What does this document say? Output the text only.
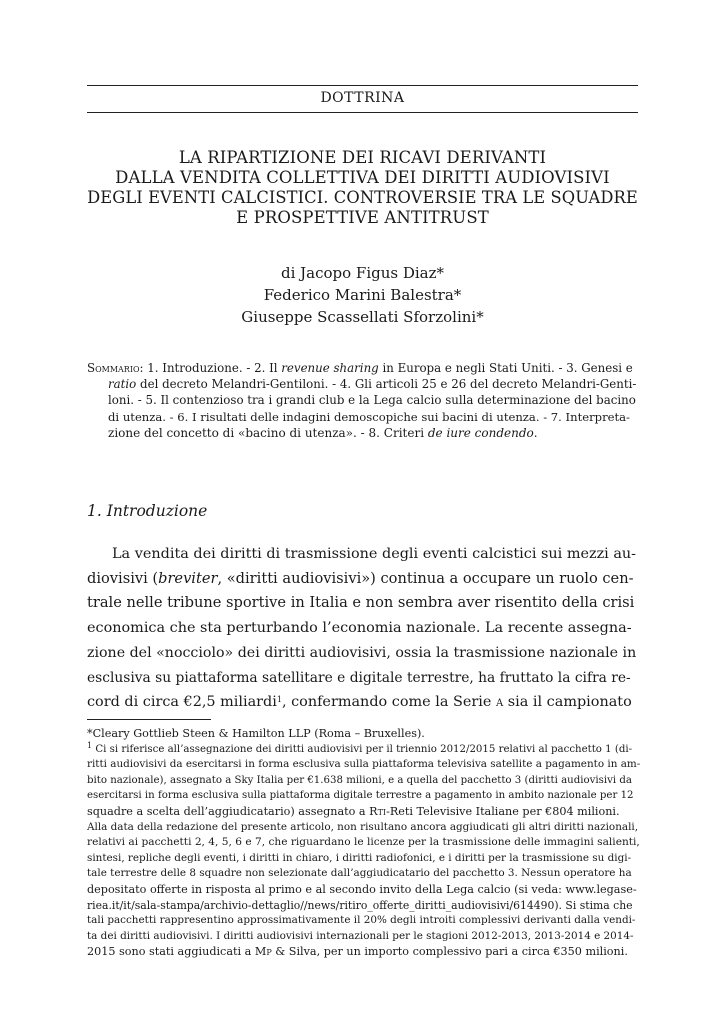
DOTTRINA
LA RIPARTIZIONE DEI RICAVI DERIVANTI
DALLA VENDITA COLLETTIVA DEI DIRITTI AUDIOVISIVI
DEGLI EVENTI CALCISTICI. CONTROVERSIE TRA LE SQUADRE
E PROSPETTIVE ANTITRUST
di Jacopo Figus Diaz*
Federico Marini Balestra*
Giuseppe Scassellati Sforzolini*
Sommario: 1. Introduzione. - 2. Il revenue sharing in Europa e negli Stati Uniti. - 3. Genesi e
ratio del decreto Melandri-Gentiloni. - 4. Gli articoli 25 e 26 del decreto Melandri-Genti-
loni. - 5. Il contenzioso tra i grandi club e la Lega calcio sulla determinazione del bacino
di utenza. - 6. I risultati delle indagini demoscopiche sui bacini di utenza. - 7. Interpreta-
zione del concetto di «bacino di utenza». - 8. Criteri de iure condendo.
1. Introduzione
La vendita dei diritti di trasmissione degli eventi calcistici sui mezzi au-
diovisivi (breviter, «diritti audiovisivi») continua a occupare un ruolo cen-
trale nelle tribune sportive in Italia e non sembra aver risentito della crisi
economica che sta perturbando l’economia nazionale. La recente assegna-
zione del «nocciolo» dei diritti audiovisivi, ossia la trasmissione nazionale in
esclusiva su piattaforma satellitare e digitale terrestre, ha fruttato la cifra re-
cord di circa €2,5 miliardi$^1$, confermando come la Serie a sia il campionato
*Cleary Gottlieb Steen & Hamilton LLP (Roma – Bruxelles).
$^1$ Ci si riferisce all’assegnazione dei diritti audiovisivi per il triennio 2012/2015 relativi al pacchetto 1 (di-
ritti audiovisivi da esercitarsi in forma esclusiva sulla piattaforma televisiva satellite a pagamento in am-
bito nazionale), assegnato a Sky Italia per €1.638 milioni, e a quella del pacchetto 3 (diritti audiovisivi da
esercitarsi in forma esclusiva sulla piattaforma digitale terrestre a pagamento in ambito nazionale per 12
squadre a scelta dell’aggiudicatario) assegnato a Rti-Reti Televisive Italiane per €804 milioni.
Alla data della redazione del presente articolo, non risultano ancora aggiudicati gli altri diritti nazionali,
relativi ai pacchetti 2, 4, 5, 6 e 7, che riguardano le licenze per la trasmissione delle immagini salienti,
sintesi, repliche degli eventi, i diritti in chiaro, i diritti radiofonici, e i diritti per la trasmissione su digi-
tale terrestre delle 8 squadre non selezionate dall’aggiudicatario del pacchetto 3. Nessun operatore ha
depositato offerte in risposta al primo e al secondo invito della Lega calcio (si veda: www.legase-
riea.it/it/sala-stampa/archivio-dettaglio//news/ritiro_offerte_diritti_audiovisivi/614490). Si stima che
tali pacchetti rappresentino approssimativamente il 20% degli introiti complessivi derivanti dalla vendi-
ta dei diritti audiovisivi. I diritti audiovisivi internazionali per le stagioni 2012-2013, 2013-2014 e 2014-
2015 sono stati aggiudicati a Mp & Silva, per un importo complessivo pari a circa €350 milioni.
